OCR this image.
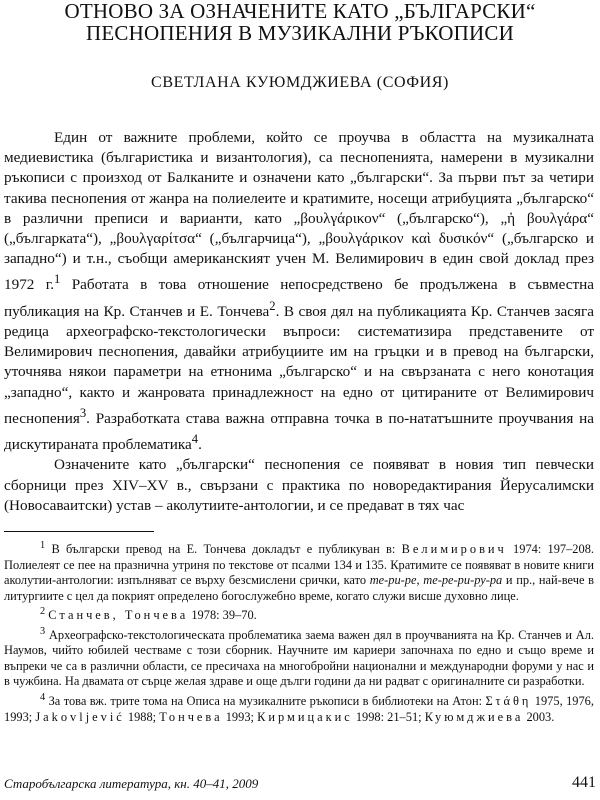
ОТНОВО ЗА ОЗНАЧЕНИТЕ КАТО „БЪЛГАРСКИ“
ПЕСНОПЕНИЯ В МУЗИКАЛНИ РЪКОПИСИ
СВЕТЛАНА КУЮМДЖИЕВА (СОФИЯ)

Един от важните проблеми, който се проучва в областта на музикалната медиевистика (българистика и византология), са песнопенията, намерени в музикални ръкописи с произход от Балканите и означени като „български“. За първи път за четири такива песнопения от жанра на полиелеите и кратимите, носещи атрибуцията „българско“ в различни преписи и варианти, като „βουλγάρικον“ („българско“), „ἡ βουλγάρα“ („българката“), „βουλγαρίτσα“ („българчица“), „βουλγάρικον καὶ δυσικόν“ („българско и западно“) и т.н., съобщи американският учен М. Велимирович в един свой доклад през 1972 г.$^1$ Работата в това отношение непосредствено бе продължена в съвместна публикация на Кр. Станчев и Е. Тончева$^2$. В своя дял на публикацията Кр. Станчев засяга редица археографско-текстологически въпроси: систематизира представените от Велимирович песнопения, давайки атрибуциите им на гръцки и в превод на български, уточнява някои параметри на етнонима „българско“ и на свързаната с него конотация „западно“, както и жанровата принадлежност на едно от цитираните от Велимирович песнопения$^3$. Разработката става важна отправна точка в по-нататъшните проучвания на дискутираната проблематика$^4$.

Означените като „български“ песнопения се появяват в новия тип певчески сборници през XIV–XV в., свързани с практика по новоредактирания Йерусалимски (Новосаваитски) устав – аколутиите-антологии, и се предават в тях час

$^1$ В български превод на Е. Тончева докладът е публикуван в: Велимирович 1974: 197–208. Полиелеят се пее на празнична утриня по текстове от псалми 134 и 135. Кратимите се появяват в новите книги аколутии-антологии: изпълняват се върху безсмислени срички, като те-ри-ре, те-ре-ри-ру-ра и пр., най-вече в литургиите с цел да покрият определено богослужебно време, когато служи висше духовно лице.

$^2$ Станчев, Тончева 1978: 39–70.

$^3$ Археографско-текстологическата проблематика заема важен дял в проучванията на Кр. Станчев и Ал. Наумов, чийто юбилей честваме с този сборник. Научните им кариери започнаха по едно и също време и въпреки че са в различни области, се пресичаха на многобройни национални и международни форуми у нас и в чужбина. На двамата от сърце желая здраве и още дълги години да ни радват с оригиналните си разработки.

$^4$ За това вж. трите тома на Описа на музикалните ръкописи в библиотеки на Атон: Στάθη 1975, 1976, 1993; Jakovljević 1988; Тончева 1993; Кирмицакис 1998: 21–51; Куюмджиева 2003.

Старобългарска литература, кн. 40–41, 2009	441
